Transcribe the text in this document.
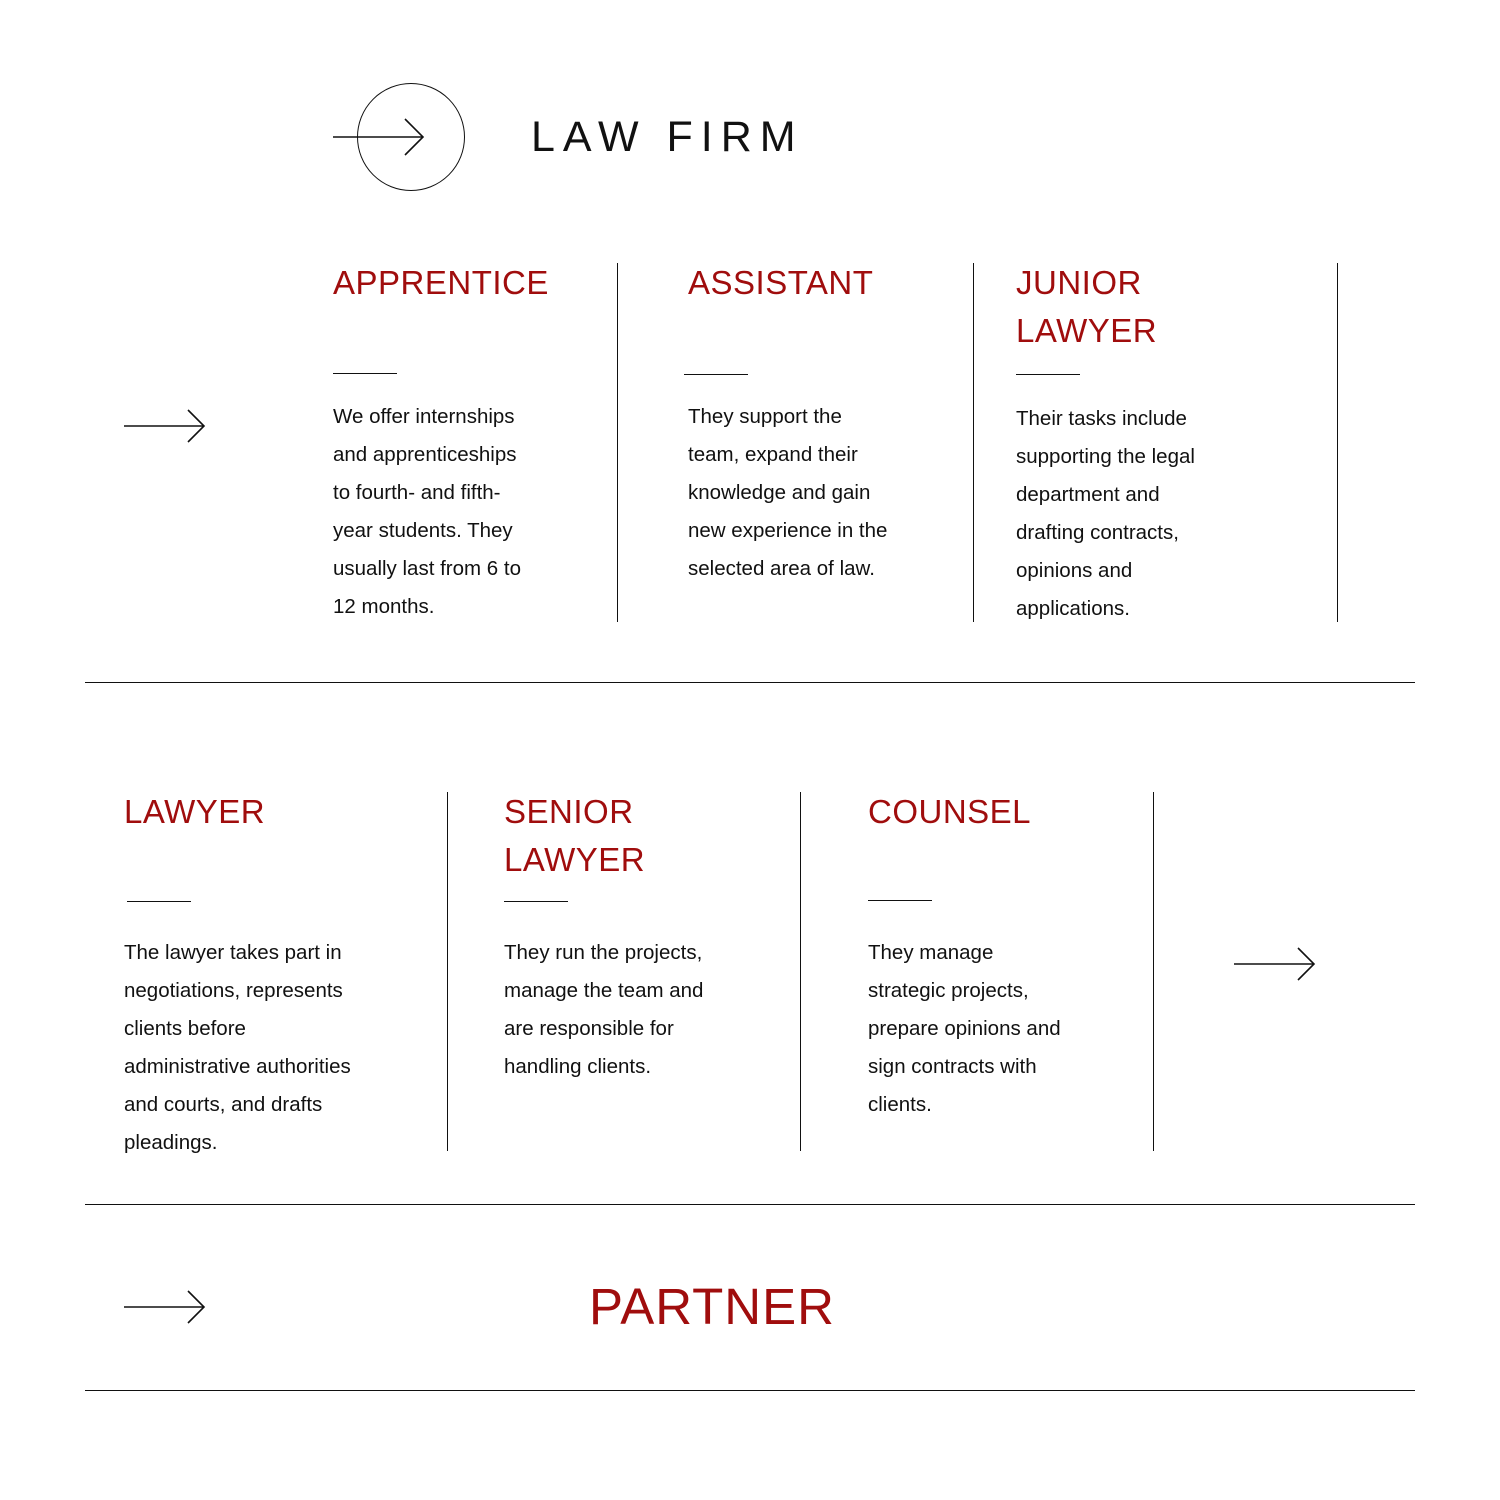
LAW FIRM
APPRENTICE
We offer internships
and apprenticeships
to fourth- and fifth-
year students. They
usually last from 6 to
12 months.
ASSISTANT
They support the
team, expand their
knowledge and gain
new experience in the
selected area of law.
JUNIOR
LAWYER
Their tasks include
supporting the legal
department and
drafting contracts,
opinions and
applications.
LAWYER
The lawyer takes part in
negotiations, represents
clients before
administrative authorities
and courts, and drafts
pleadings.
SENIOR
LAWYER
They run the projects,
manage the team and
are responsible for
handling clients.
COUNSEL
They manage
strategic projects,
prepare opinions and
sign contracts with
clients.
PARTNER
